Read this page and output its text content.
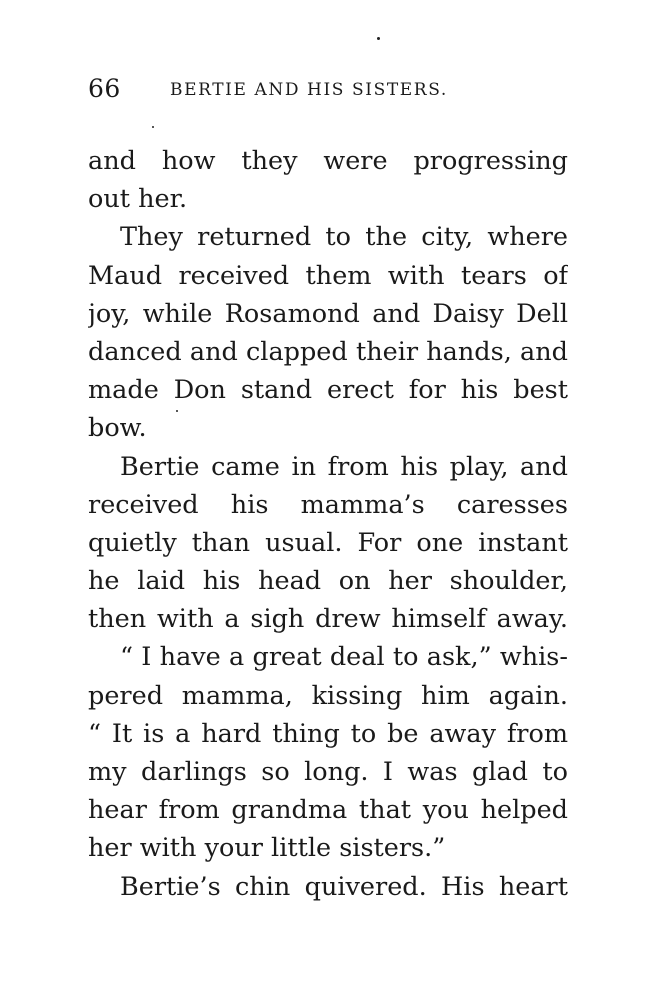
66	BERTIE AND HIS SISTERS.
and how they were progressing
out her.
They returned to the city, where
Maud received them with tears of
joy, while Rosamond and Daisy Dell
danced and clapped their hands, and
made Don stand erect for his best
bow.
Bertie came in from his play, and
received his mamma’s caresses
quietly than usual. For one instant
he laid his head on her shoulder,
then with a sigh drew himself away.
“ I have a great deal to ask,” whis-
pered mamma, kissing him again.
“ It is a hard thing to be away from
my darlings so long. I was glad to
hear from grandma that you helped
her with your little sisters.”
Bertie’s chin quivered. His heart
